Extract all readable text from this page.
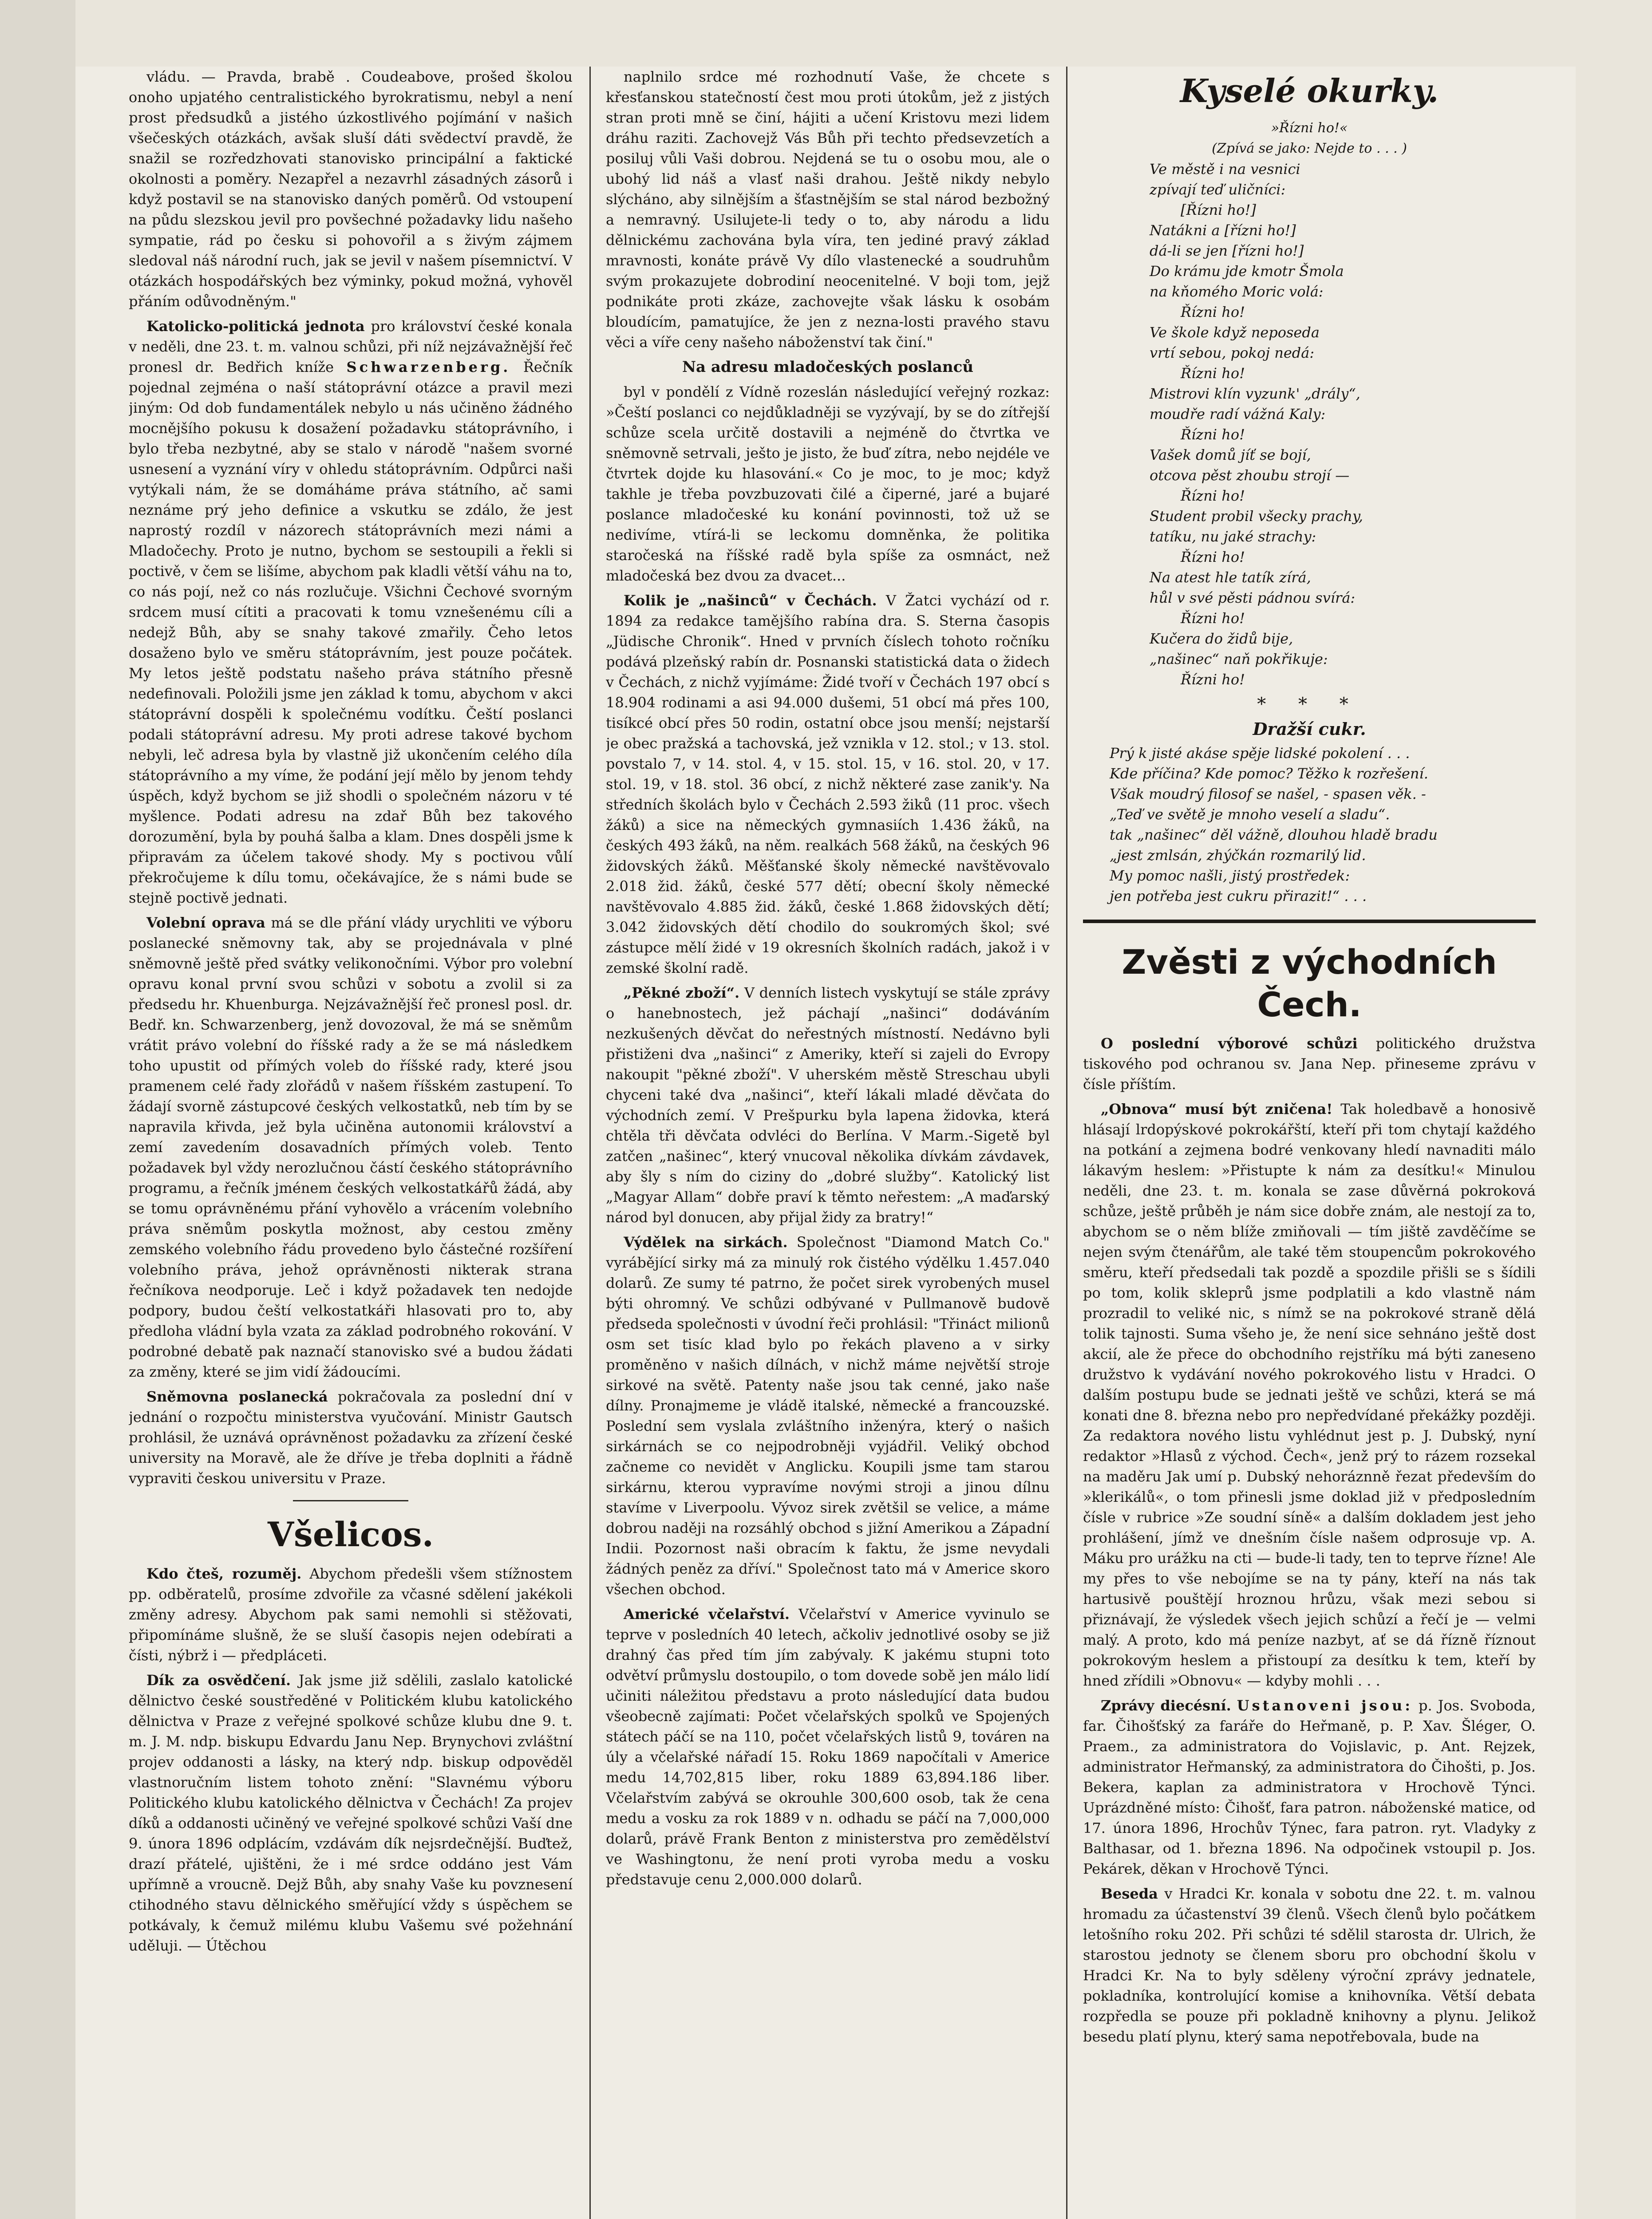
vládu. — Pravda, brabě . Coudeabove, prošed školou onoho upjatého centralistického byrokratismu, nebyl a není prost předsudků a jistého úzkostlivého pojímání v našich všečeských otázkách, avšak sluší dáti svědectví pravdě, že snažil se rozředzhovati stanovisko principální a faktické okolnosti a poměry. Nezapřel a nezavrhl zásadných zásorů i když postavil se na stanovisko daných poměrů. Od vstoupení na půdu slezskou jevil pro povšechné požadavky lidu našeho sympatie, rád po česku si pohovořil a s živým zájmem sledoval náš národní ruch, jak se jevil v našem písemnictví. V otázkách hospodářských bez výminky, pokud možná, vyhověl přáním odůvodněným."

Katolicko-politická jednota pro království české konala v neděli, dne 23. t. m. valnou schůzi, při níž nejzávažnější řeč pronesl dr. Bedřich kníže Schwarzenberg. Řečník pojednal zejména o naší státoprávní otázce a pravil mezi jiným: Od dob fundamentálek nebylo u nás učiněno žádného mocnějšího pokusu k dosažení požadavku státoprávního, i bylo třeba nezbytné, aby se stalo v národě "našem svorné usnesení a vyznání víry v ohledu státoprávním. Odpůrci naši vytýkali nám, že se domáháme práva státního, ač sami neznáme prý jeho definice a vskutku se zdálo, že jest naprostý rozdíl v názorech státoprávních mezi námi a Mladočechy. Proto je nutno, bychom se sestoupili a řekli si poctivě, v čem se lišíme, abychom pak kladli větší váhu na to, co nás pojí, než co nás rozlučuje. Všichni Čechové svorným srdcem musí cítiti a pracovati k tomu vznešenému cíli a nedejž Bůh, aby se snahy takové zmařily. Čeho letos dosaženo bylo ve směru státoprávním, jest pouze počátek. My letos ještě podstatu našeho práva státního přesně nedefinovali. Položili jsme jen základ k tomu, abychom v akci státoprávní dospěli k společnému vodítku. Čeští poslanci podali státoprávní adresu. My proti adrese takové bychom nebyli, leč adresa byla by vlastně již ukončením celého díla státoprávního a my víme, že podání její mělo by jenom tehdy úspěch, když bychom se již shodli o společném názoru v té myšlence. Podati adresu na zdař Bůh bez takového dorozumění, byla by pouhá šalba a klam. Dnes dospěli jsme k připravám za účelem takové shody. My s poctivou vůlí překročujeme k dílu tomu, očekávajíce, že s námi bude se stejně poctivě jednati.

Volební oprava má se dle přání vlády urychliti ve výboru poslanecké sněmovny tak, aby se projednávala v plné sněmovně ještě před svátky velikonočními. Výbor pro volební opravu konal první svou schůzi v sobotu a zvolil si za předsedu hr. Khuenburga. Nejzávažnější řeč pronesl posl. dr. Bedř. kn. Schwarzenberg, jenž dovozoval, že má se sněmům vrátit právo volební do říšské rady a že se má následkem toho upustit od přímých voleb do říšské rady, které jsou pramenem celé řady zlořádů v našem říšském zastupení. To žádají svorně zástupcové českých velkostatků, neb tím by se napravila křivda, jež byla učiněna autonomii království a zemí zavedením dosavadních přímých voleb. Tento požadavek byl vždy nerozlučnou částí českého státoprávního programu, a řečník jménem českých velkostatkářů žádá, aby se tomu oprávněnému přání vyhovělo a vrácením volebního práva sněmům poskytla možnost, aby cestou změny zemského volebního řádu provedeno bylo částečné rozšíření volebního práva, jehož oprávněnosti nikterak strana řečníkova neodporuje. Leč i když požadavek ten nedojde podpory, budou čeští velkostatkáři hlasovati pro to, aby předloha vládní byla vzata za základ podrobného rokování. V podrobné debatě pak naznačí stanovisko své a budou žádati za změny, které se jim vidí žádoucími.

Sněmovna poslanecká pokračovala za poslední dní v jednání o rozpočtu ministerstva vyučování. Ministr Gautsch prohlásil, že uznává oprávněnost požadavku za zřízení české university na Moravě, ale že dříve je třeba doplniti a řádně vypraviti českou universitu v Praze.

Všelicos.

Kdo čteš, rozuměj. Abychom předešli všem stížnostem pp. odběratelů, prosíme zdvořile za včasné sdělení jakékoli změny adresy. Abychom pak sami nemohli si stěžovati, připomínáme slušně, že se sluší časopis nejen odebírati a čísti, nýbrž i — předpláceti.

Dík za osvědčení. Jak jsme již sdělili, zaslalo katolické dělnictvo české soustředěné v Politickém klubu katolického dělnictva v Praze z veřejné spolkové schůze klubu dne 9. t. m. J. M. ndp. biskupu Edvardu Janu Nep. Brynychovi zvláštní projev oddanosti a lásky, na který ndp. biskup odpověděl vlastnoručním listem tohoto znění: "Slavnému výboru Politického klubu katolického dělnictva v Čechách! Za projev díků a oddanosti učiněný ve veřejné spolkové schůzi Vaší dne 9. února 1896 odplácím, vzdávám dík nejsrdečnější. Buďtež, drazí přátelé, ujištěni, že i mé srdce oddáno jest Vám upřímně a vroucně. Dejž Bůh, aby snahy Vaše ku povznesení ctihodného stavu dělnického směřující vždy s úspěchem se potkávaly, k čemuž milému klubu Vašemu své požehnání uděluji. — Útěchou

naplnilo srdce mé rozhodnutí Vaše, že chcete s křesťanskou statečností čest mou proti útokům, jež z jistých stran proti mně se činí, hájiti a učení Kristovu mezi lidem dráhu raziti. Zachovejž Vás Bůh při techto předsevzetích a posiluj vůli Vaši dobrou. Nejdená se tu o osobu mou, ale o ubohý lid náš a vlasť naši drahou. Ještě nikdy nebylo slýcháno, aby silnějším a šťastnějším se stal národ bezbožný a nemravný. Usilujete-li tedy o to, aby národu a lidu dělnickému zachována byla víra, ten jediné pravý základ mravnosti, konáte právě Vy dílo vlastenecké a soudruhům svým prokazujete dobrodiní neocenitelné. V boji tom, jejž podnikáte proti zkáze, zachovejte však lásku k osobám bloudícím, pamatujíce, že jen z nezna-losti pravého stavu věci a víře ceny našeho náboženství tak činí."

Na adresu mladočeských poslanců

byl v pondělí z Vídně rozeslán následující veřejný rozkaz: »Čeští poslanci co nejdůkladněji se vyzývají, by se do zítřejší schůze scela určitě dostavili a nejméně do čtvrtka ve sněmovně setrvali, ješto je jisto, že buď zítra, nebo nejdéle ve čtvrtek dojde ku hlasování.« Co je moc, to je moc; když takhle je třeba povzbuzovati čilé a čiperné, jaré a bujaré poslance mladočeské ku konání povinnosti, tož už se nedivíme, vtírá-li se leckomu domněnka, že politika staročeská na říšské radě byla spíše za osmnáct, než mladočeská bez dvou za dvacet...

Kolik je „našinců“ v Čechách. V Žatci vychází od r. 1894 za redakce tamějšího rabína dra. S. Sterna časopis „Jüdische Chronik“. Hned v prvních číslech tohoto ročníku podává plzeňský rabín dr. Posnanski statistická data o židech v Čechách, z nichž vyjímáme: Židé tvoří v Čechách 197 obcí s 18.904 rodinami a asi 94.000 dušemi, 51 obcí má přes 100, tisíkcé obcí přes 50 rodin, ostatní obce jsou menší; nejstarší je obec pražská a tachovská, jež vznikla v 12. stol.; v 13. stol. povstalo 7, v 14. stol. 4, v 15. stol. 15, v 16. stol. 20, v 17. stol. 19, v 18. stol. 36 obcí, z nichž některé zase zanik'y. Na středních školách bylo v Čechách 2.593 žiků (11 proc. všech žáků) a sice na německých gymnasiích 1.436 žáků, na českých 493 žáků, na něm. realkách 568 žáků, na českých 96 židovských žáků. Měšťanské školy německé navštěvovalo 2.018 žid. žáků, české 577 dětí; obecní školy německé navštěvovalo 4.885 žid. žáků, české 1.868 židovských dětí; 3.042 židovských dětí chodilo do soukromých škol; své zástupce mělí židé v 19 okresních školních radách, jakož i v zemské školní radě.

„Pěkné zboží“. V denních listech vyskytují se stále zprávy o hanebnostech, jež páchají „našinci“ dodáváním nezkušených děvčat do neřestných místností. Nedávno byli přistiženi dva „našinci“ z Ameriky, kteří si zajeli do Evropy nakoupit "pěkné zboží". V uherském městě Streschau ubyli chyceni také dva „našinci“, kteří lákali mladé děvčata do východních zemí. V Prešpurku byla lapena židovka, která chtěla tři děvčata odvléci do Berlína. V Marm.-Sigetě byl zatčen „našinec“, který vnucoval několika dívkám závdavek, aby šly s ním do ciziny do „dobré služby“. Katolický list „Magyar Allam“ dobře praví k těmto neřestem: „A maďarský národ byl donucen, aby přijal židy za bratry!“

Výdělek na sirkách. Společnost "Diamond Match Co." vyrábějící sirky má za minulý rok čistého výdělku 1.457.040 dolarů. Ze sumy té patrno, že počet sirek vyrobených musel býti ohromný. Ve schůzi odbývané v Pullmanově budově předseda společnosti v úvodní řeči prohlásil: "Třináct milionů osm set tisíc klad bylo po řekách plaveno a v sirky proměněno v našich dílnách, v nichž máme největší stroje sirkové na světě. Patenty naše jsou tak cenné, jako naše dílny. Pronajmeme je vládě italské, německé a francouzské. Poslední sem vyslala zvláštního inženýra, který o našich sirkárnách se co nejpodrobněji vyjádřil. Veliký obchod začneme co nevidět v Anglicku. Koupili jsme tam starou sirkárnu, kterou vypravíme novými stroji a jinou dílnu stavíme v Liverpoolu. Vývoz sirek zvětšil se velice, a máme dobrou naději na rozsáhlý obchod s jižní Amerikou a Západní Indii. Pozornost naši obracím k faktu, že jsme nevydali žádných peněz za dříví." Společnost tato má v Americe skoro všechen obchod.

Americké včelařství. Včelařství v Americe vyvinulo se teprve v posledních 40 letech, ačkoliv jednotlivé osoby se již drahný čas před tím jím zabývaly. K jakému stupni toto odvětví průmyslu dostoupilo, o tom dovede sobě jen málo lidí učiniti náležitou představu a proto následující data budou všeobecně zajímati: Počet včelařských spolků ve Spojených státech páčí se na 110, počet včelařských listů 9, továren na úly a včelařské nářadí 15. Roku 1869 napočítali v Americe medu 14,702,815 liber, roku 1889 63,894.186 liber. Včelařstvím zabývá se okrouhle 300,600 osob, tak že cena medu a vosku za rok 1889 v n. odhadu se páčí na 7,000,000 dolarů, právě Frank Benton z ministerstva pro zemědělství ve Washingtonu, že není proti vyroba medu a vosku představuje cenu 2,000.000 dolarů.

Kyselé okurky.
»Řízni ho!«
(Zpívá se jako: Nejde to . . . )
Ve městě i na vesnici
zpívají teď uličníci:
[Řízni ho!]
Natákni a [řízni ho!]
dá-li se jen [řízni ho!]
Do krámu jde kmotr Šmola
na kňomého Moric volá:
Řízni ho!
Ve škole když neposeda
vrtí sebou, pokoj nedá:
Řízni ho!
Mistrovi klín vyzunk' „drály“,
moudře radí vážná Kaly:
Řízni ho!
Vašek domů jíť se bojí,
otcova pěst zhoubu strojí —
Řízni ho!
Student probil všecky prachy,
tatíku, nu jaké strachy:
Řízni ho!
Na atest hle tatík zírá,
hůl v své pěsti pádnou svírá:
Řízni ho!
Kučera do židů bije,
„našinec“ naň pokřikuje:
Řízni ho!
* * *
Dražší cukr.
Prý k jisté akáse spěje lidské pokolení . . .
Kde příčina? Kde pomoc? Těžko k rozřešení.
Však moudrý filosof se našel, - spasen věk. -
„Teď ve světě je mnoho veselí a sladu“.
tak „našinec“ děl vážně, dlouhou hladě bradu
„jest zmlsán, zhýčkán rozmarilý lid.
My pomoc našli, jistý prostředek:
jen potřeba jest cukru přirazit!“ . . .
Zvěsti z východních Čech.

O poslední výborové schůzi politického družstva tiskového pod ochranou sv. Jana Nep. přineseme zprávu v čísle příštím.

„Obnova“ musí být zničena! Tak holedbavě a honosivě hlásají lrdopýskové pokrokářští, kteří při tom chytají každého na potkání a zejmena bodré venkovany hledí navnaditi málo lákavým heslem: »Přistupte k nám za desítku!« Minulou neděli, dne 23. t. m. konala se zase důvěrná pokroková schůze, ještě průběh je nám sice dobře znám, ale nestojí za to, abychom se o něm blíže zmiňovali — tím jiště zavděčíme se nejen svým čtenářům, ale také těm stoupencům pokrokového směru, kteří předsedali tak pozdě a spozdile přišli se s šídili po tom, kolik skleprů jsme podplatili a kdo vlastně nám prozradil to veliké nic, s nímž se na pokrokové straně dělá tolik tajnosti. Suma všeho je, že není sice sehnáno ještě dost akcií, ale že přece do obchodního rejstříku má býti zaneseno družstvo k vydávání nového pokrokového listu v Hradci. O dalším postupu bude se jednati ještě ve schůzi, která se má konati dne 8. března nebo pro nepředvídané překážky později. Za redaktora nového listu vyhlédnut jest p. J. Dubský, nyní redaktor »Hlasů z východ. Čech«, jenž prý to rázem rozsekal na maděru Jak umí p. Dubský nehoráznně řezat především do »klerikálů«, o tom přinesli jsme doklad již v předposledním čísle v rubrice »Ze soudní síně« a dalším dokladem jest jeho prohlášení, jímž ve dnešním čísle našem odprosuje vp. A. Máku pro urážku na cti — bude-li tady, ten to teprve řízne! Ale my přes to vše nebojíme se na ty pány, kteří na nás tak hartusivě pouštějí hroznou hrůzu, však mezi sebou si přiznávají, že výsledek všech jejich schůzí a řečí je — velmi malý. A proto, kdo má peníze nazbyt, ať se dá řízně říznout pokrokovým heslem a přistoupí za desítku k tem, kteří by hned zřídili »Obnovu« — kdyby mohli . . .

Zprávy diecésní. Ustanoveni jsou: p. Jos. Svoboda, far. Čihošťský za faráře do Heřmaně, p. P. Xav. Šléger, O. Praem., za administratora do Vojislavic, p. Ant. Rejzek, administrator Heřmanský, za administratora do Čihošti, p. Jos. Bekera, kaplan za administratora v Hrochově Týnci. Uprázdněné místo: Čihošť, fara patron. náboženské matice, od 17. února 1896, Hrochův Týnec, fara patron. ryt. Vladyky z Balthasar, od 1. března 1896. Na odpočinek vstoupil p. Jos. Pekárek, děkan v Hrochově Týnci.

Beseda v Hradci Kr. konala v sobotu dne 22. t. m. valnou hromadu za účastenství 39 členů. Všech členů bylo počátkem letošního roku 202. Při schůzi té sdělil starosta dr. Ulrich, že starostou jednoty se členem sboru pro obchodní školu v Hradci Kr. Na to byly sděleny výroční zprávy jednatele, pokladníka, kontrolující komise a knihovníka. Větší debata rozpředla se pouze při pokladně knihovny a plynu. Jelikož besedu platí plynu, který sama nepotřebovala, bude na
